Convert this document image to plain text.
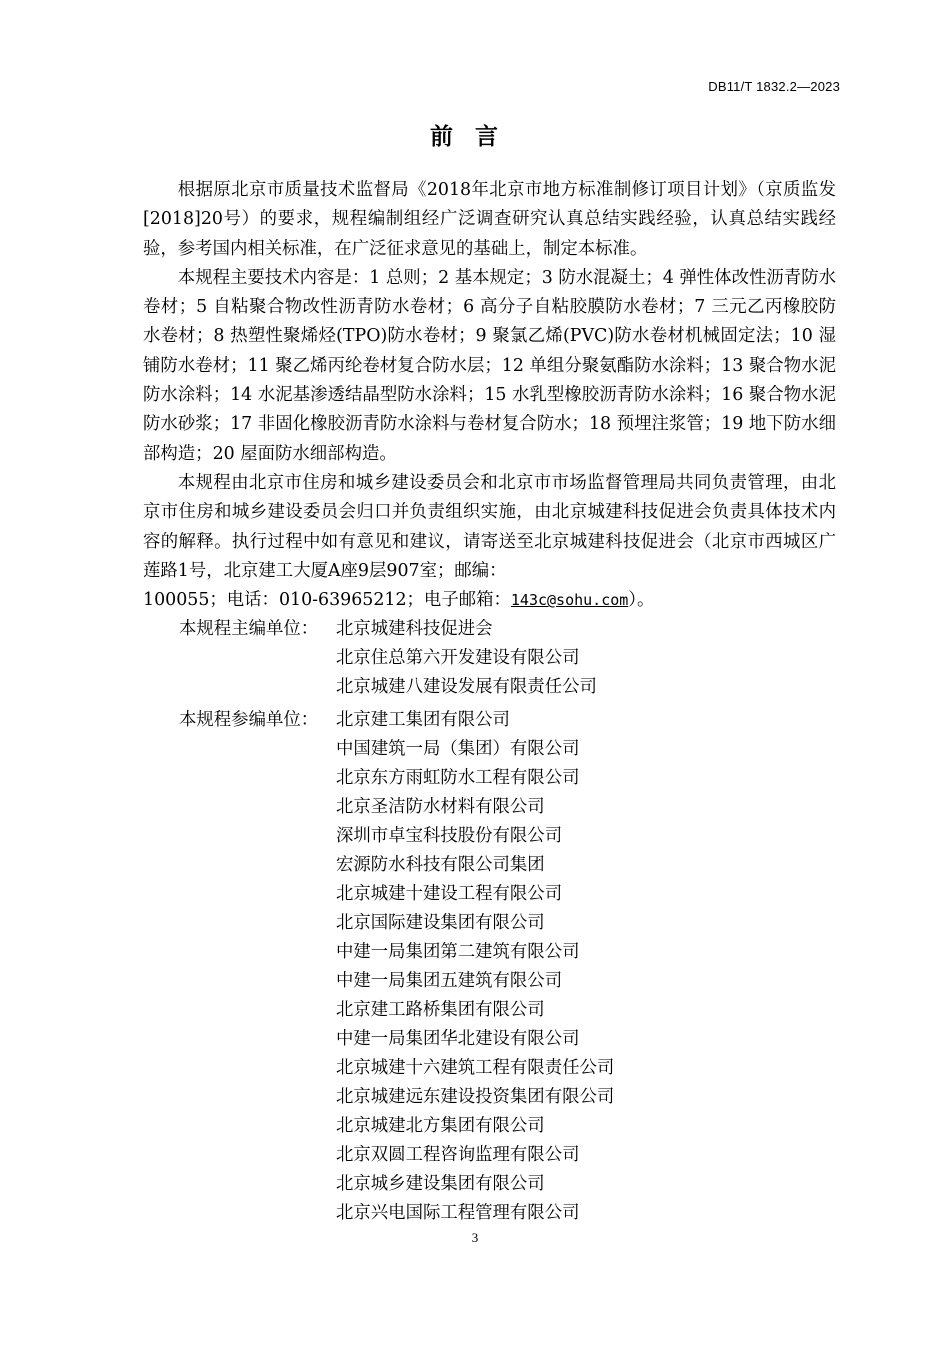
DB11/T 1832.2—2023
前言

根据原北京市质量技术监督局《2018年北京市地方标准制修订项目计划》（京质监发[2018]20号）的要求，规程编制组经广泛调查研究认真总结实践经验，认真总结实践经验，参考国内相关标准，在广泛征求意见的基础上，制定本标准。

本规程主要技术内容是：1 总则；2 基本规定；3 防水混凝土；4 弹性体改性沥青防水卷材；5 自粘聚合物改性沥青防水卷材；6 高分子自粘胶膜防水卷材；7 三元乙丙橡胶防水卷材；8 热塑性聚烯烃(TPO)防水卷材；9 聚氯乙烯(PVC)防水卷材机械固定法；10 湿铺防水卷材；11 聚乙烯丙纶卷材复合防水层；12 单组分聚氨酯防水涂料；13 聚合物水泥防水涂料；14 水泥基渗透结晶型防水涂料；15 水乳型橡胶沥青防水涂料；16 聚合物水泥防水砂浆；17 非固化橡胶沥青防水涂料与卷材复合防水；18 预埋注浆管；19 地下防水细部构造；20 屋面防水细部构造。

本规程由北京市住房和城乡建设委员会和北京市市场监督管理局共同负责管理，由北京市住房和城乡建设委员会归口并负责组织实施，由北京城建科技促进会负责具体技术内容的解释。执行过程中如有意见和建议，请寄送至北京城建科技促进会（北京市西城区广莲路1号，北京建工大厦A座9层907室；邮编：

100055；电话：010-63965212；电子邮箱：143c@sohu.com）。

本规程主编单位：	北京城建科技促进会
北京住总第六开发建设有限公司
北京城建八建设发展有限责任公司
本规程参编单位：	北京建工集团有限公司
中国建筑一局（集团）有限公司
北京东方雨虹防水工程有限公司
北京圣洁防水材料有限公司
深圳市卓宝科技股份有限公司
宏源防水科技有限公司集团
北京城建十建设工程有限公司
北京国际建设集团有限公司
中建一局集团第二建筑有限公司
中建一局集团五建筑有限公司
北京建工路桥集团有限公司
中建一局集团华北建设有限公司
北京城建十六建筑工程有限责任公司
北京城建远东建设投资集团有限公司
北京城建北方集团有限公司
北京双圆工程咨询监理有限公司
北京城乡建设集团有限公司
北京兴电国际工程管理有限公司
3
